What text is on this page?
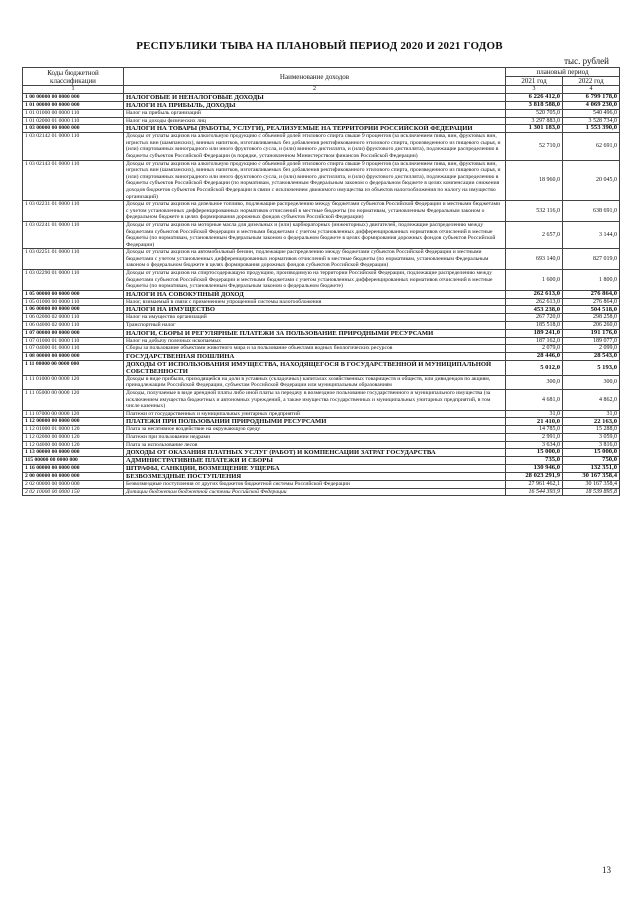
РЕСПУБЛИКИ ТЫВА НА ПЛАНОВЫЙ ПЕРИОД 2020 И 2021 ГОДОВ
тыс. рублей
Коды бюджетной классификации	Наименование доходов	плановый период	
		2021 год	2022 год
1	2	3	4
1 00 00000 00 0000 000	НАЛОГОВЫЕ И НЕНАЛОГОВЫЕ ДОХОДЫ	6 226 412,0	6 799 178,0
1 01 00000 00 0000 000	НАЛОГИ НА ПРИБЫЛЬ, ДОХОДЫ	3 818 588,0	4 069 230,0
1 01 01000 00 0000 110	Налог на прибыль организаций	520 705,0	540 496,0
1 01 02000 01 0000 110	Налог на доходы физических лиц	3 297 883,0	3 528 734,0
1 03 00000 00 0000 000	НАЛОГИ НА ТОВАРЫ (РАБОТЫ, УСЛУГИ), РЕАЛИЗУЕМЫЕ НА ТЕРРИТОРИИ РОССИЙСКОЙ ФЕДЕРАЦИИ	1 301 183,0	1 553 390,0
1 03 02142 01 0000 110	Доходы от уплаты акцизов на алкогольную продукцию с объемной долей этилового спирта свыше 9 процентов (за исключением пива, вин, фруктовых вин, игристых вин (шампанских), винных напитков, изготавливаемых без добавления ректификованного этилового спирта, произведенного из пищевого сырья, и (или) спиртованных виноградного или иного фруктового сусла, и (или) винного дистиллята, и (или) фруктового дистиллята), подлежащие распределению в бюджеты субъектов Российской Федерации (в порядке, установленном Министерством финансов Российской Федерации)	52 710,0	62 691,0
1 03 02143 01 0000 110	Доходы от уплаты акцизов на алкогольную продукцию с объемной долей этилового спирта свыше 9 процентов (за исключением пива, вин, фруктовых вин, игристых вин (шампанских), винных напитков, изготавливаемых без добавления ректификованного этилового спирта, произведенного из пищевого сырья, и (или) спиртованных виноградного или иного фруктового сусла, и (или) винного дистиллята, и (или) фруктового дистиллята), подлежащие распределению в бюджеты субъектов Российской Федерации (по нормативам, установленным Федеральным законом о федеральном бюджете в целях компенсации снижения доходов бюджетов субъектов Российской Федерации в связи с исключением движимого имущества из объектов налогообложения по налогу на имущество организаций)	18 960,0	20 045,0
1 03 02231 01 0000 110	Доходы от уплаты акцизов на дизельное топливо, подлежащие распределению между бюджетами субъектов Российской Федерации и местными бюджетами с учетом установленных дифференцированных нормативов отчислений в местные бюджеты (по нормативам, установленным Федеральным законом о федеральном бюджете в целях формирования дорожных фондов субъектов Российской Федерации)	532 116,0	638 691,0
1 03 02241 01 0000 110	Доходы от уплаты акцизов на моторные масла для дизельных и (или) карбюраторных (инжекторных) двигателей, подлежащие распределению между бюджетами субъектов Российской Федерации и местными бюджетами с учетом установленных дифференцированных нормативов отчислений в местные бюджеты (по нормативам, установленным Федеральным законом о федеральном бюджете в целях формирования дорожных фондов субъектов Российской Федерации)	2 657,0	3 144,0
1 03 02251 01 0000 110	Доходы от уплаты акцизов на автомобильный бензин, подлежащие распределению между бюджетами субъектов Российской Федерации и местными бюджетами с учетом установленных дифференцированных нормативов отчислений в местные бюджеты (по нормативам, установленным Федеральным законом о федеральном бюджете в целях формирования дорожных фондов субъектов Российской Федерации)	693 140,0	827 019,0
1 03 02290 01 0000 110	Доходы от уплаты акцизов на спиртосодержащую продукцию, производимую на территории Российской Федерации, подлежащие распределению между бюджетами субъектов Российской Федерации и местными бюджетами с учетом установленных дифференцированных нормативов отчислений в местные бюджеты (по нормативам, установленным Федеральным законом о федеральном бюджете)	1 600,0	1 800,0
1 05 00000 00 0000 000	НАЛОГИ НА СОВОКУПНЫЙ ДОХОД	262 613,0	276 864,0
1 05 01000 00 0000 110	Налог, взимаемый в связи с применением упрощенной системы налогообложения	262 613,0	276 864,0
1 06 00000 00 0000 000	НАЛОГИ НА ИМУЩЕСТВО	453 238,0	504 518,0
1 06 02000 02 0000 110	Налог на имущество организаций	267 720,0	298 258,0
1 06 04000 02 0000 110	Транспортный налог	185 518,0	206 260,0
1 07 00000 00 0000 000	НАЛОГИ, СБОРЫ И РЕГУЛЯРНЫЕ ПЛАТЕЖИ ЗА ПОЛЬЗОВАНИЕ ПРИРОДНЫМИ РЕСУРСАМИ	189 241,0	191 176,0
1 07 01000 01 0000 110	Налог на добычу полезных ископаемых	187 162,0	189 077,0
1 07 04000 01 0000 110	Сборы за пользование объектами животного мира и за пользование объектами водных биологических ресурсов	2 079,0	2 099,0
1 08 00000 00 0000 000	ГОСУДАРСТВЕННАЯ ПОШЛИНА	28 446,0	28 543,0
1 11 00000 00 0000 000	ДОХОДЫ ОТ ИСПОЛЬЗОВАНИЯ ИМУЩЕСТВА, НАХОДЯЩЕГОСЯ В ГОСУДАРСТВЕННОЙ И МУНИЦИПАЛЬНОЙ СОБСТВЕННОСТИ	5 012,0	5 193,0
1 11 01000 00 0000 120	Доходы в виде прибыли, приходящейся на доли в уставных (складочных) капиталах хозяйственных товариществ и обществ, или дивидендов по акциям, принадлежащим Российской Федерации, субъектам Российской Федерации или муниципальным образованиям	300,0	300,0
1 11 05000 00 0000 120	Доходы, получаемые в виде арендной платы либо иной платы за передачу в возмездное пользование государственного и муниципального имущества (за исключением имущества бюджетных и автономных учреждений, а также имущества государственных и муниципальных унитарных предприятий, в том числе казенных)	4 681,0	4 862,0
1 11 07000 00 0000 120	Платежи от государственных и муниципальных унитарных предприятий	31,0	31,0
1 12 00000 00 0000 000	ПЛАТЕЖИ ПРИ ПОЛЬЗОВАНИИ ПРИРОДНЫМИ РЕСУРСАМИ	21 410,0	22 163,0
1 12 01000 01 0000 120	Плата за негативное воздействие на окружающую среду	14 785,0	15 288,0
1 12 02000 00 0000 120	Платежи при пользовании недрами	2 991,0	3 059,0
1 12 04000 00 0000 120	Плата за использование лесов	3 634,0	3 816,0
1 13 00000 00 0000 000	ДОХОДЫ ОТ ОКАЗАНИЯ ПЛАТНЫХ УСЛУГ (РАБОТ) И КОМПЕНСАЦИИ ЗАТРАТ ГОСУДАРСТВА	15 000,0	15 000,0
115 00000 00 0000 000	АДМИНИСТРАТИВНЫЕ ПЛАТЕЖИ И СБОРЫ	735,0	750,0
1 16 00000 00 0000 000	ШТРАФЫ, САНКЦИИ, ВОЗМЕЩЕНИЕ УЩЕРБА	130 946,0	132 351,0
2 00 00000 00 0000 000	БЕЗВОЗМЕЗДНЫЕ ПОСТУПЛЕНИЯ	28 023 291,9	30 167 358,4
2 02 00000 00 0000 000	Безвозмездные поступления от других бюджетов бюджетной системы Российской Федерации	27 961 462,1	30 167 358,4
2 02 10000 00 0000 150	Дотации бюджетам бюджетной системы Российской Федерации	16 544 393,9	18 539 895,8
13
